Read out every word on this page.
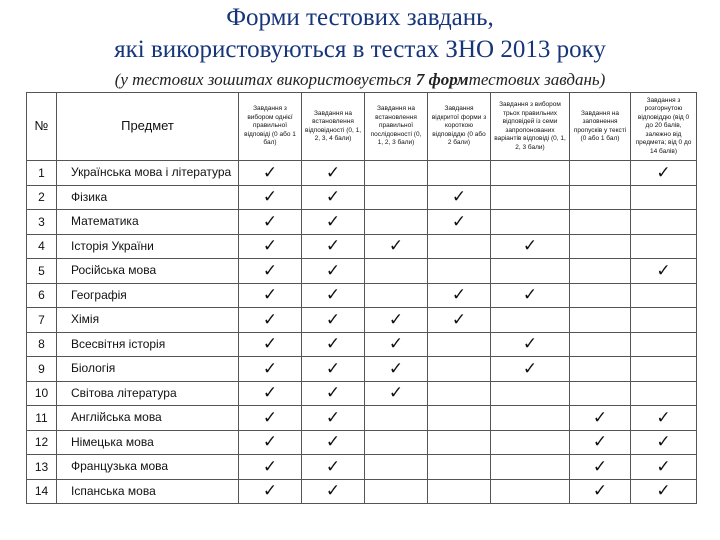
Форми тестових завдань,
які використовуються в тестах ЗНО 2013 року
(у тестових зошитах використовується 7 формтестових завдань)
№	Предмет	Завдання з вибором однієї правильної відповіді (0 або 1 бал)	Завдання на встановлення відповідності (0, 1, 2, 3, 4 бали)	Завдання на встановлення правильної послідовності (0, 1, 2, 3 бали)	Завдання відкритої форми з короткою відповіддю (0 або 2 бали)	Завдання з вибором трьох правильних відповідей із семи запропонованих варіантів відповіді (0, 1, 2, 3 бали)	Завдання на заповнення пропусків у тексті (0 або 1 бал)	Завдання з розгорнутою відповіддю (від 0 до 20 балів, залежно від предмета; від 0 до 14 балів)
1	Українська мова і література	✓	✓					✓
2	Фізика	✓	✓		✓			
3	Математика	✓	✓		✓			
4	Історія України	✓	✓	✓		✓		
5	Російська мова	✓	✓					✓
6	Географія	✓	✓		✓	✓		
7	Хімія	✓	✓	✓	✓			
8	Всесвітня історія	✓	✓	✓		✓		
9	Біологія	✓	✓	✓		✓		
10	Світова література	✓	✓	✓				
11	Англійська мова	✓	✓				✓	✓
12	Німецька мова	✓	✓				✓	✓
13	Французька мова	✓	✓				✓	✓
14	Іспанська мова	✓	✓				✓	✓
